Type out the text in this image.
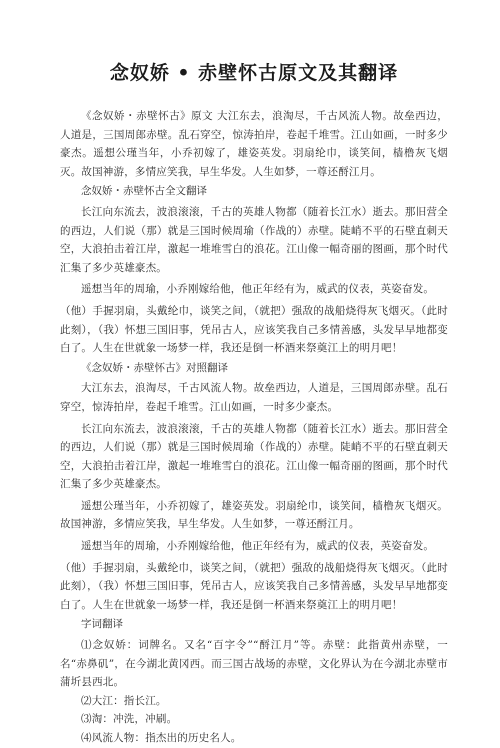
念奴娇 • 赤壁怀古原文及其翻译

《念奴娇・赤壁怀古》原文 大江东去，浪淘尽，千古风流人物。故垒西边，人道是，三国周郎赤壁。乱石穿空，惊涛拍岸，卷起千堆雪。江山如画，一时多少豪杰。遥想公瑾当年，小乔初嫁了，雄姿英发。羽扇纶巾，谈笑间，樯橹灰飞烟灭。故国神游，多情应笑我，早生华发。人生如梦，一尊还酹江月。

念奴娇・赤壁怀古全文翻译

长江向东流去，波浪滚滚，千古的英雄人物都（随着长江水）逝去。那旧营全的西边，人们说（那）就是三国时候周瑜（作战的）赤壁。陡峭不平的石壁直刺天空，大浪拍击着江岸，激起一堆堆雪白的浪花。江山像一幅奇丽的图画，那个时代汇集了多少英雄豪杰。

遥想当年的周瑜，小乔刚嫁给他，他正年经有为，威武的仪表，英姿奋发。

（他）手握羽扇，头戴纶巾，谈笑之间，（就把）强敌的战船烧得灰飞烟灭。（此时此刻），（我）怀想三国旧事，凭吊古人，应该笑我自己多情善感，头发早早地都变白了。人生在世就象一场梦一样，我还是倒一杯酒来祭奠江上的明月吧！

《念奴娇・赤壁怀古》对照翻译

大江东去，浪淘尽，千古风流人物。故垒西边，人道是，三国周郎赤壁。乱石穿空，惊涛拍岸，卷起千堆雪。江山如画，一时多少豪杰。

长江向东流去，波浪滚滚，千古的英雄人物都（随着长江水）逝去。那旧营全的西边，人们说（那）就是三国时候周瑜（作战的）赤壁。陡峭不平的石壁直刺天空，大浪拍击着江岸，激起一堆堆雪白的浪花。江山像一幅奇丽的图画，那个时代汇集了多少英雄豪杰。

遥想公瑾当年，小乔初嫁了，雄姿英发。羽扇纶巾，谈笑间，樯橹灰飞烟灭。故国神游，多情应笑我，早生华发。人生如梦，一尊还酹江月。

遥想当年的周瑜，小乔刚嫁给他，他正年经有为，威武的仪表，英姿奋发。

（他）手握羽扇，头戴纶巾，谈笑之间，（就把）强敌的战船烧得灰飞烟灭。（此时此刻），（我）怀想三国旧事，凭吊古人，应该笑我自己多情善感，头发早早地都变白了。人生在世就象一场梦一样，我还是倒一杯酒来祭奠江上的明月吧！

字词翻译

⑴念奴娇：词牌名。又名“百字令”“酹江月”等。赤壁：此指黄州赤壁，一名“赤鼻矶”，在今湖北黄冈西。而三国古战场的赤壁，文化界认为在今湖北赤壁市蒲圻县西北。

⑵大江：指长江。

⑶淘：冲洗，冲刷。

⑷风流人物：指杰出的历史名人。
